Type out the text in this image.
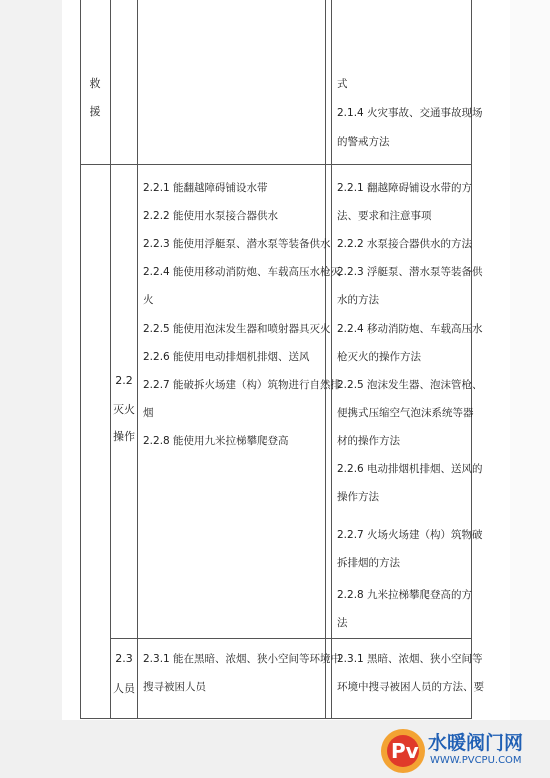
救
援
式
2.1.4 火灾事故、交通事故现场
的警戒方法
2.2
灭火
操作
2.2.1 能翻越障碍铺设水带
2.2.2 能使用水泵接合器供水
2.2.3 能使用浮艇泵、潜水泵等装备供水
2.2.4 能使用移动消防炮、车载高压水枪灭
火
2.2.5 能使用泡沫发生器和喷射器具灭火
2.2.6 能使用电动排烟机排烟、送风
2.2.7 能破拆火场建（构）筑物进行自然排
烟
2.2.8 能使用九米拉梯攀爬登高
2.2.1 翻越障碍铺设水带的方
法、要求和注意事项
2.2.2 水泵接合器供水的方法
2.2.3 浮艇泵、潜水泵等装备供
水的方法
2.2.4 移动消防炮、车载高压水
枪灭火的操作方法
2.2.5 泡沫发生器、泡沫管枪、
便携式压缩空气泡沫系统等器
材的操作方法
2.2.6 电动排烟机排烟、送风的
操作方法
2.2.7 火场火场建（构）筑物破
拆排烟的方法
2.2.8 九米拉梯攀爬登高的方
法
2.3
人员
2.3.1 能在黑暗、浓烟、狭小空间等环境中
搜寻被困人员
2.3.1 黑暗、浓烟、狭小空间等
环境中搜寻被困人员的方法、要
Pv 水暖阀门网
WWW.PVCPU.COM
